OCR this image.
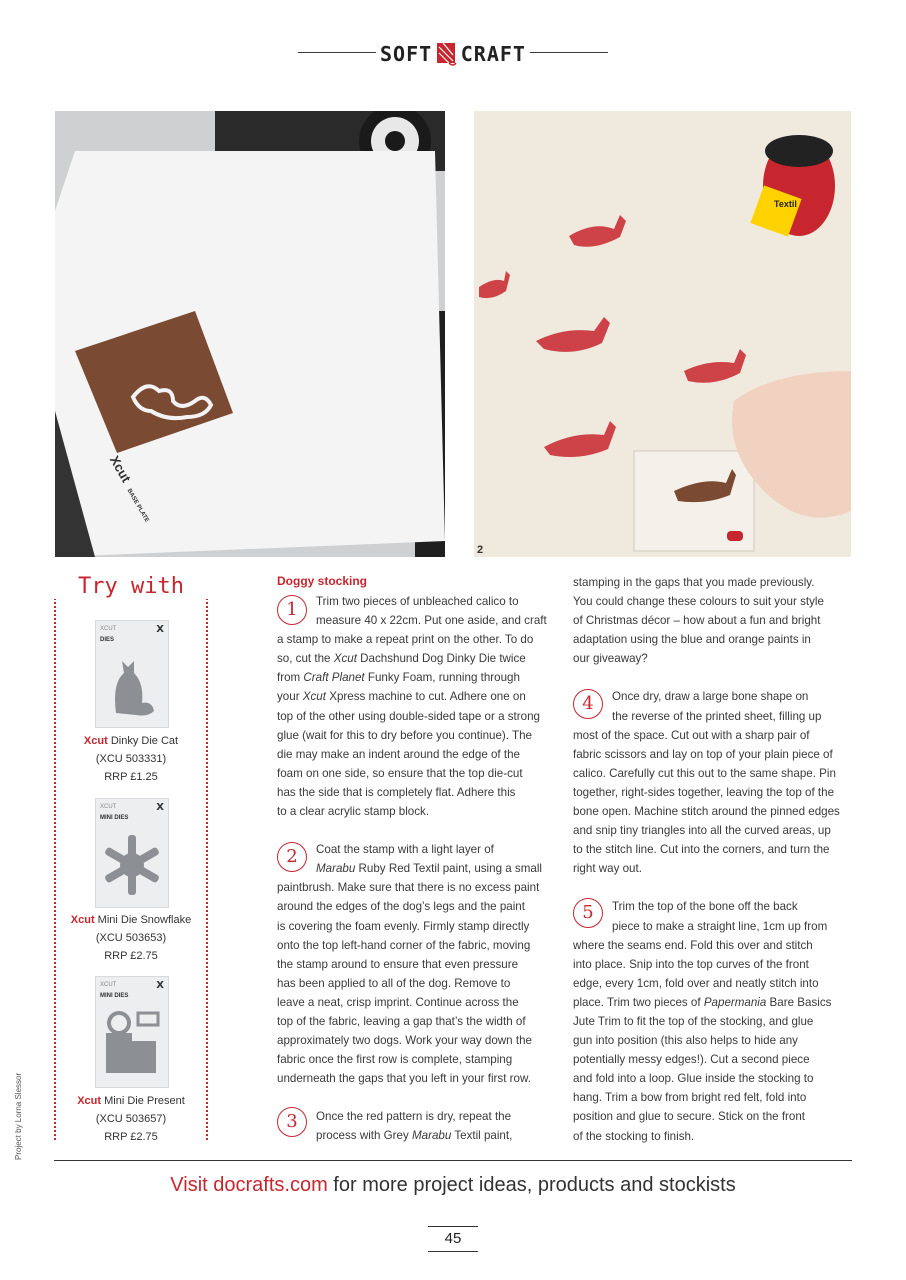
SOFT CRAFT
Xcut BASE PLATE
1
Textil
2
Try with
XCUT	X
DIES
Xcut Dinky Die Cat
(XCU 503331)
RRP £1.25
XCUT	X
MINI DIES
Xcut Mini Die Snowflake
(XCU 503653)
RRP £2.75
XCUT	X
MINI DIES
Xcut Mini Die Present
(XCU 503657)
RRP £2.75
Project by Lorna Slessor
Doggy stocking
1
2
3
4
5

Trim two pieces of unbleached calico to

measure 40 x 22cm. Put one aside, and craft

a stamp to make a repeat print on the other. To do

so, cut the Xcut Dachshund Dog Dinky Die twice

from Craft Planet Funky Foam, running through

your Xcut Xpress machine to cut. Adhere one on

top of the other using double-sided tape or a strong

glue (wait for this to dry before you continue). The

die may make an indent around the edge of the

foam on one side, so ensure that the top die-cut

has the side that is completely flat. Adhere this

to a clear acrylic stamp block.

Coat the stamp with a light layer of

Marabu Ruby Red Textil paint, using a small

paintbrush. Make sure that there is no excess paint

around the edges of the dog’s legs and the paint

is covering the foam evenly. Firmly stamp directly

onto the top left-hand corner of the fabric, moving

the stamp around to ensure that even pressure

has been applied to all of the dog. Remove to

leave a neat, crisp imprint. Continue across the

top of the fabric, leaving a gap that’s the width of

approximately two dogs. Work your way down the

fabric once the first row is complete, stamping

underneath the gaps that you left in your first row.

Once the red pattern is dry, repeat the

process with Grey Marabu Textil paint,

stamping in the gaps that you made previously.

You could change these colours to suit your style

of Christmas décor – how about a fun and bright

adaptation using the blue and orange paints in

our giveaway?

Once dry, draw a large bone shape on

the reverse of the printed sheet, filling up

most of the space. Cut out with a sharp pair of

fabric scissors and lay on top of your plain piece of

calico. Carefully cut this out to the same shape. Pin

together, right-sides together, leaving the top of the

bone open. Machine stitch around the pinned edges

and snip tiny triangles into all the curved areas, up

to the stitch line. Cut into the corners, and turn the

right way out.

Trim the top of the bone off the back

piece to make a straight line, 1cm up from

where the seams end. Fold this over and stitch

into place. Snip into the top curves of the front

edge, every 1cm, fold over and neatly stitch into

place. Trim two pieces of Papermania Bare Basics

Jute Trim to fit the top of the stocking, and glue

gun into position (this also helps to hide any

potentially messy edges!). Cut a second piece

and fold into a loop. Glue inside the stocking to

hang. Trim a bow from bright red felt, fold into

position and glue to secure. Stick on the front

of the stocking to finish.

Visit docrafts.com for more project ideas, products and stockists
45
